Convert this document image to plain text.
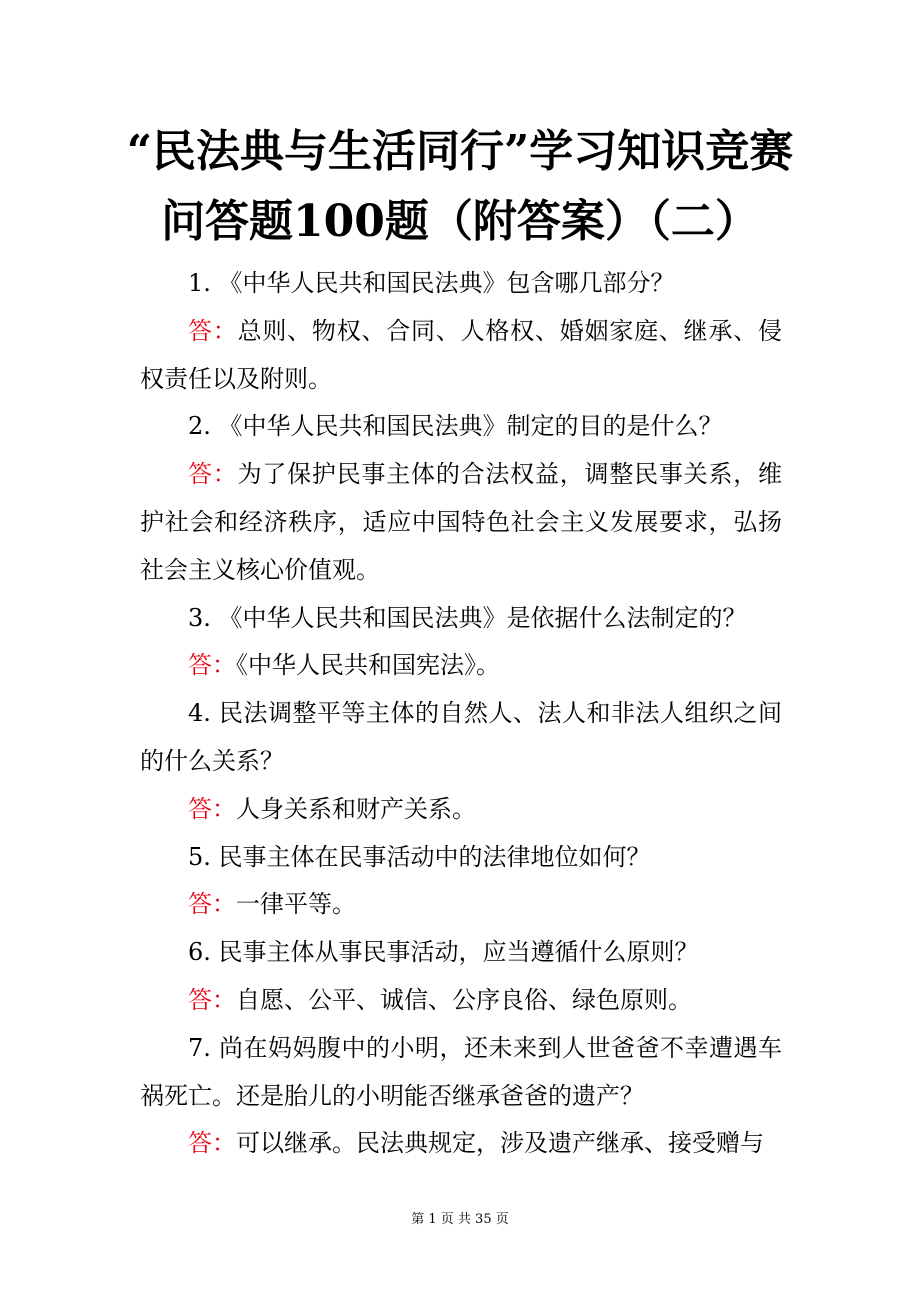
“民法典与生活同行”学习知识竞赛
问答题100题（附答案）（二）

1. 《中华人民共和国民法典》包含哪几部分？

答：总则、物权、合同、人格权、婚姻家庭、继承、侵权责任以及附则。

2. 《中华人民共和国民法典》制定的目的是什么？

答：为了保护民事主体的合法权益，调整民事关系，维护社会和经济秩序，适应中国特色社会主义发展要求，弘扬社会主义核心价值观。

3. 《中华人民共和国民法典》是依据什么法制定的？

答：《中华人民共和国宪法》。

4. 民法调整平等主体的自然人、法人和非法人组织之间的什么关系？

答：人身关系和财产关系。

5. 民事主体在民事活动中的法律地位如何？

答：一律平等。

6. 民事主体从事民事活动，应当遵循什么原则？

答：自愿、公平、诚信、公序良俗、绿色原则。

7. 尚在妈妈腹中的小明，还未来到人世爸爸不幸遭遇车祸死亡。还是胎儿的小明能否继承爸爸的遗产？

答：可以继承。民法典规定，涉及遗产继承、接受赠与

第 1 页 共 35 页
